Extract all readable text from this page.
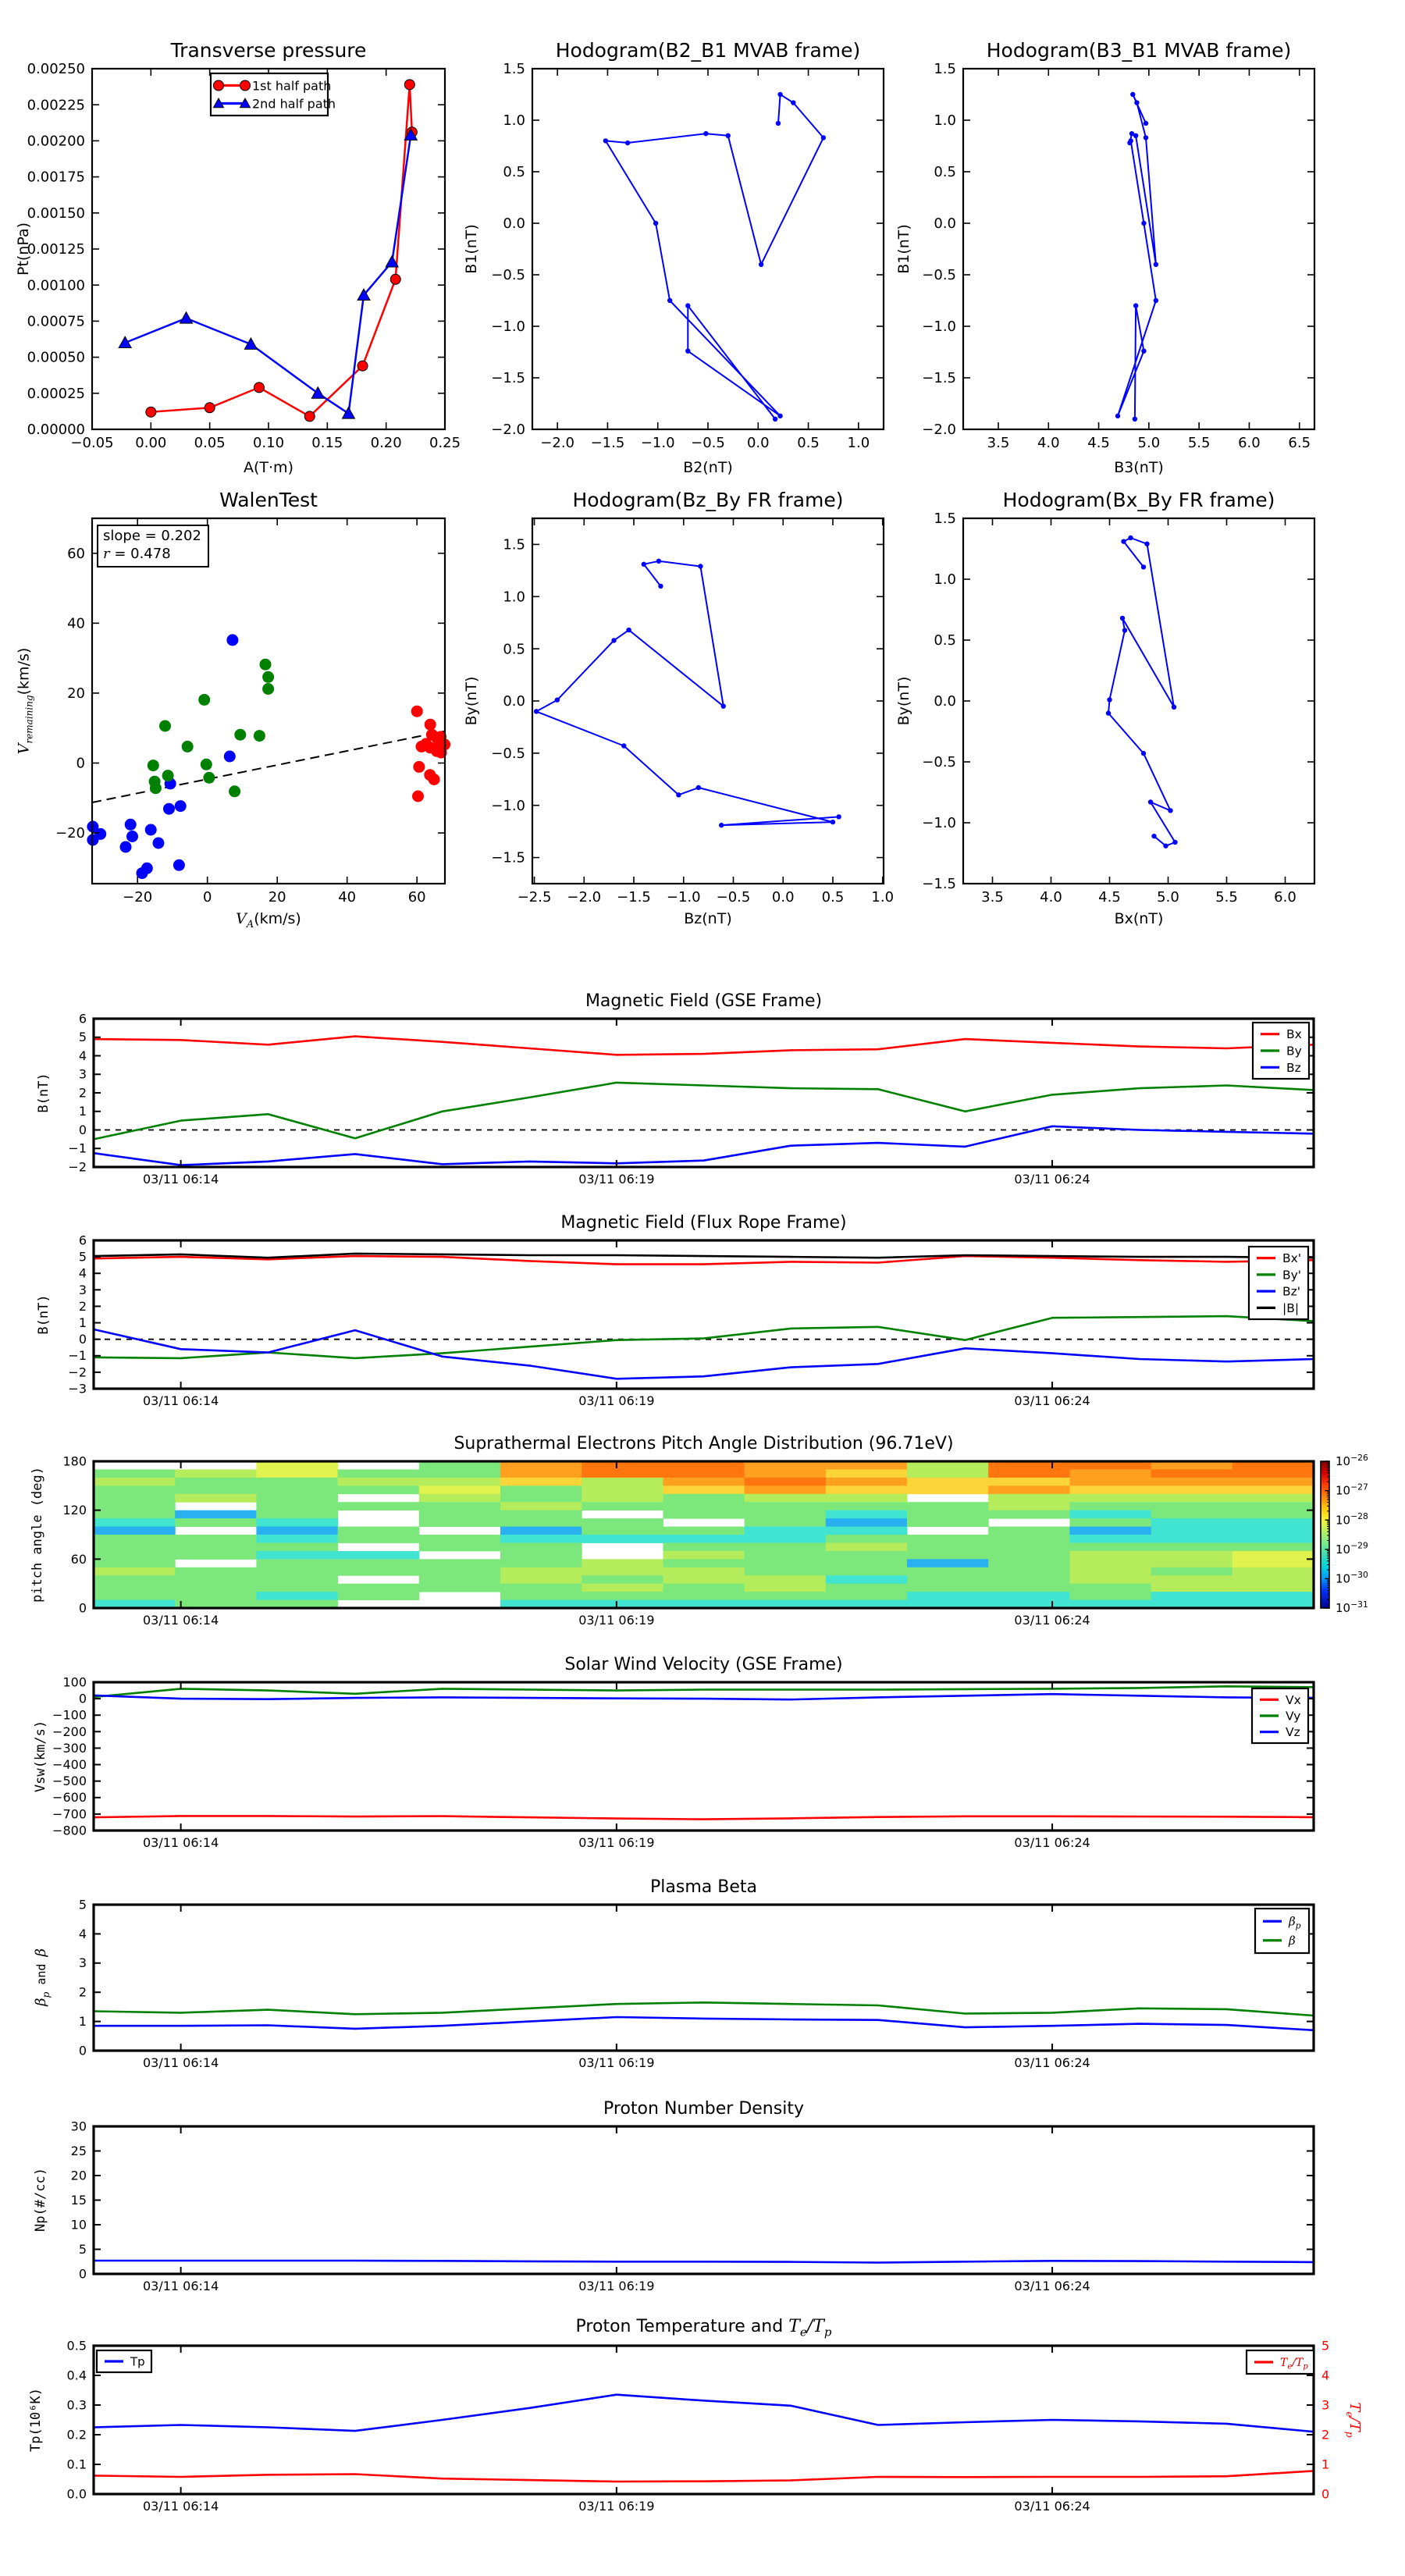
−0.05 0.00 0.05 0.10 0.15 0.20 0.25
0.00000
0.00025
0.00050
0.00075
0.00100
0.00125
0.00150
0.00175
0.00200
0.00225
0.00250
1st half path
2nd half path
−2.0 −1.5 −1.0 −0.5 0.0 0.5 1.0
−2.0
−1.5
−1.0
−0.5
0.0
0.5
1.0
1.5
3.5 4.0 4.5 5.0 5.5 6.0 6.5
−2.0
−1.5
−1.0
−0.5
0.0
0.5
1.0
1.5
−20	0	20	40	60
−20
0
20
40
60
−2.5 −2.0 −1.5 −1.0 −0.5 0.0 0.5 1.0
−1.5
−1.0
−0.5
0.0
0.5
1.0
1.5
3.5	4.0	4.5	5.0	5.5	6.0
−1.5
−1.0
−0.5
0.0
0.5
1.0
1.5
03/11 06:14	03/11 06:19	03/11 06:24
−2
−1
0
1
2
3
4
5
6
Bx
By
Bz
03/11 06:14	03/11 06:19	03/11 06:24
−3
−2
−1
0
1
2
3
4
5
6
Bx'
By'
Bz'
|B|
03/11 06:14	03/11 06:19	03/11 06:24
0
60
120
180	$10^{-26}$
$10^{-27}$
$10^{-28}$
$10^{-29}$
$10^{-30}$
$10^{-31}$
03/11 06:14	03/11 06:19	03/11 06:24
−800
−700
−600
−500
−400
−300
−200
−100
0
100
Vx
Vy
Vz
03/11 06:14	03/11 06:19	03/11 06:24
0
1
2
3
4
5
$\beta_p$
β
03/11 06:14	03/11 06:19	03/11 06:24
0
5
10
15
20
25
30
03/11 06:14	03/11 06:19	03/11 06:24
0.0
0.1
0.2
0.3
0.4
0.5
0
1
2
3
4
5
Tp	$T_e/T_p$
Transverse pressure	Hodogram(B2_B1 MVAB frame)	Hodogram(B3_B1 MVAB frame)
WalenTest	Hodogram(Bz_By FR frame)	Hodogram(Bx_By FR frame)
Magnetic Field (GSE Frame)
Magnetic Field (Flux Rope Frame)
Suprathermal Electrons Pitch Angle Distribution (96.71eV)
Solar Wind Velocity (GSE Frame)
Plasma Beta
Proton Number Density
Proton Temperature and $T_e/T_p$
A(T·m)	B2(nT)	B3(nT)
$V_A(km/s)$	Bz(nT)	Bx(nT)
Pt(nPa)	B1(nT)	B1(nT)
$V_{remaining}(km/s)$
By(nT)	By(nT)
B(nT)
B(nT)
pitch angle (deg)
Vsw(km/s)
$\beta_p$ and β
Np(#/cc)
Tp(10⁶K)	$T_e/T_p$
slope = 0.202
r = 0.478
